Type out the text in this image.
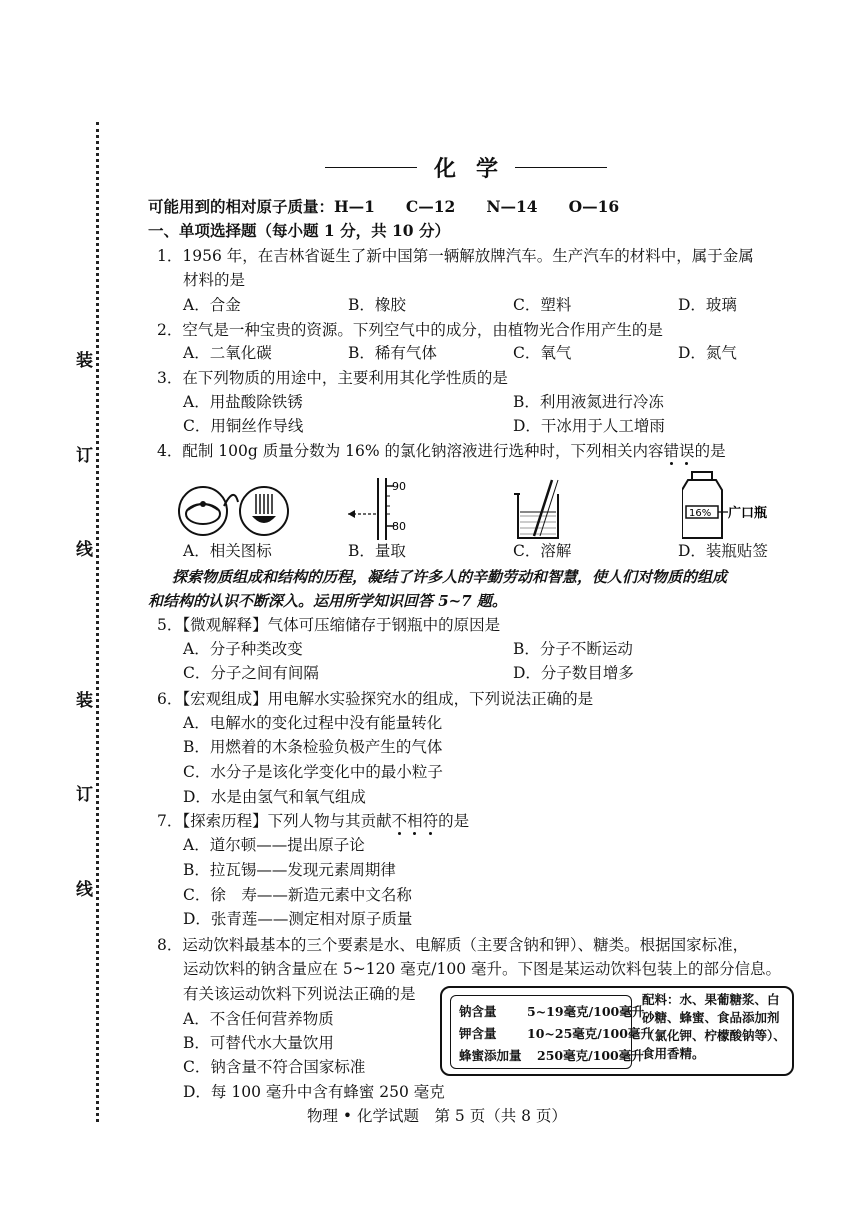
装
订
线
装
订
线
化学
可能用到的相对原子质量：H—1　　C—12　　N—14　　O—16
一、单项选择题（每小题 1 分，共 10 分）
1．1956 年，在吉林省诞生了新中国第一辆解放牌汽车。生产汽车的材料中，属于金属
材料的是
A．合金	B．橡胶	C．塑料	D．玻璃
2．空气是一种宝贵的资源。下列空气中的成分，由植物光合作用产生的是
A．二氧化碳	B．稀有气体	C．氧气	D．氮气
3．在下列物质的用途中，主要利用其化学性质的是
A．用盐酸除铁锈	B．利用液氮进行冷冻
C．用铜丝作导线	D．干冰用于人工增雨
4．配制 100g 质量分数为 16% 的氯化钠溶液进行选种时，下列相关内容错误的是
90
80
16% 广口瓶
A．相关图标	B．量取	C．溶解	D．装瓶贴签
探索物质组成和结构的历程，凝结了许多人的辛勤劳动和智慧，使人们对物质的组成
和结构的认识不断深入。运用所学知识回答 5~7 题。
5．【微观解释】气体可压缩储存于钢瓶中的原因是
A．分子种类改变	B．分子不断运动
C．分子之间有间隔	D．分子数目增多
6．【宏观组成】用电解水实验探究水的组成，下列说法正确的是
A．电解水的变化过程中没有能量转化
B．用燃着的木条检验负极产生的气体
C．水分子是该化学变化中的最小粒子
D．水是由氢气和氧气组成
7．【探索历程】下列人物与其贡献不相符的是
A．道尔顿——提出原子论
B．拉瓦锡——发现元素周期律
C．徐　寿——新造元素中文名称
D．张青莲——测定相对原子质量
8．运动饮料最基本的三个要素是水、电解质（主要含钠和钾）、糖类。根据国家标准，
运动饮料的钠含量应在 5~120 毫克/100 毫升。下图是某运动饮料包装上的部分信息。
有关该运动饮料下列说法正确的是
A．不含任何营养物质
B．可替代水大量饮用
C．钠含量不符合国家标准
钠含量 5~19毫克/100毫升
钾含量 10~25毫克/100毫升
蜂蜜添加量 250毫克/100毫升
配料：水、果葡糖浆、白砂糖、蜂蜜、食品添加剂（氯化钾、柠檬酸钠等）、食用香精。
物理 • 化学试题　第 5 页（共 8 页）
D．每 100 毫升中含有蜂蜜 250 毫克
